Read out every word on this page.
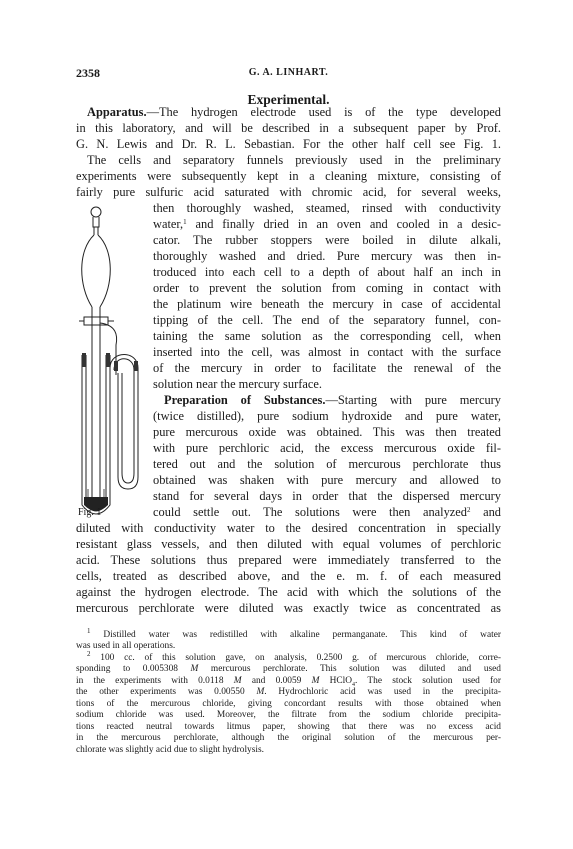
2358	G. A. LINHART.
Experimental.
Apparatus.—The hydrogen electrode used is of the type developed
in this laboratory, and will be described in a subsequent paper by Prof.
G. N. Lewis and Dr. R. L. Sebastian. For the other half cell see Fig. 1.
The cells and separatory funnels previously used in the preliminary
experiments were subsequently kept in a cleaning mixture, consisting of
fairly pure sulfuric acid saturated with chromic acid, for several weeks,
then thoroughly washed, steamed, rinsed with conductivity
water,$^1$ and finally dried in an oven and cooled in a desic-
cator. The rubber stoppers were boiled in dilute alkali,
thoroughly washed and dried. Pure mercury was then in-
troduced into each cell to a depth of about half an inch in
order to prevent the solution from coming in contact with
the platinum wire beneath the mercury in case of accidental
tipping of the cell. The end of the separatory funnel, con-
taining the same solution as the corresponding cell, when
inserted into the cell, was almost in contact with the surface
of the mercury in order to facilitate the renewal of the
solution near the mercury surface.
Preparation of Substances.—Starting with pure mercury
(twice distilled), pure sodium hydroxide and pure water,
pure mercurous oxide was obtained. This was then treated
with pure perchloric acid, the excess mercurous oxide fil-
tered out and the solution of mercurous perchlorate thus
obtained was shaken with pure mercury and allowed to
stand for several days in order that the dispersed mercury
could settle out. The solutions were then analyzed$^2$ and
diluted with conductivity water to the desired concentration in specially
resistant glass vessels, and then diluted with equal volumes of perchloric
acid. These solutions thus prepared were immediately transferred to the
cells, treated as described above, and the e. m. f. of each measured
against the hydrogen electrode. The acid with which the solutions of the
mercurous perchlorate were diluted was exactly twice as concentrated as
Fig. 1
$^1$ Distilled water was redistilled with alkaline permanganate. This kind of water
was used in all operations.
$^2$ 100 cc. of this solution gave, on analysis, 0.2500 g. of mercurous chloride, corre-
sponding to 0.005308 M mercurous perchlorate. This solution was diluted and used
in the experiments with 0.0118 M and 0.0059 M HClO$_4$. The stock solution used for
the other experiments was 0.00550 M. Hydrochloric acid was used in the precipita-
tions of the mercurous chloride, giving concordant results with those obtained when
sodium chloride was used. Moreover, the filtrate from the sodium chloride precipita-
tions reacted neutral towards litmus paper, showing that there was no excess acid
in the mercurous perchlorate, although the original solution of the mercurous per-
chlorate was slightly acid due to slight hydrolysis.
